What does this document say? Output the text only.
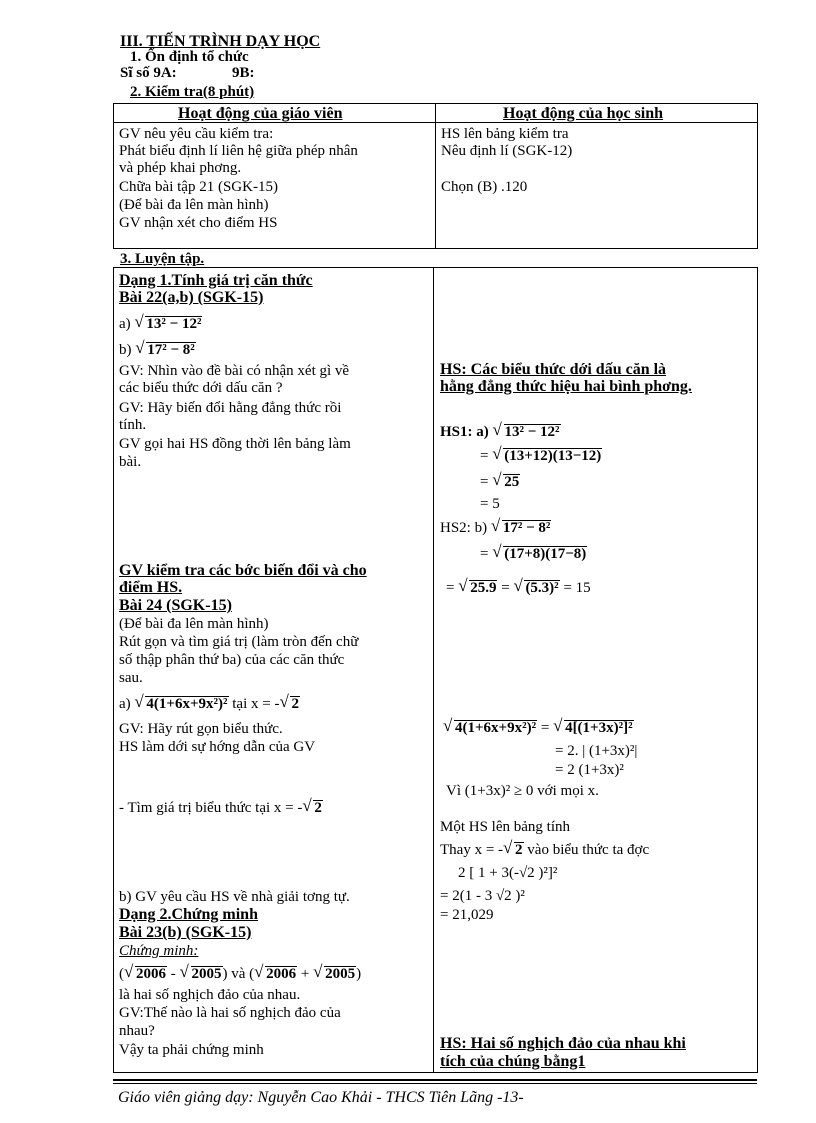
III. TIẾN TRÌNH DẠY HỌC
1. Ổn định tổ chức
Sĩ số 9A:	9B:
2. Kiểm tra(8 phút)
Hoạt động của giáo viên	Hoạt động của học sinh
GV nêu yêu cầu kiểm tra:
Phát biểu định lí liên hệ giữa phép nhân
và phép khai phơng.
Chữa bài tập 21 (SGK-15)
(Để bài đa lên màn hình)
GV nhận xét cho điểm HS
HS lên bảng kiểm tra
Nêu định lí (SGK-12)
Chọn (B) .120
3. Luyện tập.
Dạng 1.Tính giá trị căn thức
Bài 22(a,b) (SGK-15)
a) √ 13² − 12²
b) √ 17² − 8²
GV: Nhìn vào đề bài có nhận xét gì về
các biểu thức dới dấu căn ?
GV: Hãy biến đổi hằng đẳng thức rồi
tính.
GV gọi hai HS đồng thời lên bảng làm
bài.
GV kiểm tra các bớc biến đổi và cho
điểm HS.
Bài 24 (SGK-15)
(Để bài đa lên màn hình)
Rút gọn và tìm giá trị (làm tròn đến chữ
số thập phân thứ ba) của các căn thức
sau.
a) √ 4(1+6x+9x²)² tại x = - √ 2
GV: Hãy rút gọn biểu thức.
HS làm dới sự hớng dẫn của GV
- Tìm giá trị biểu thức tại x = - √ 2
b) GV yêu cầu HS về nhà giải tơng tự.
Dạng 2.Chứng minh
Bài 23(b) (SGK-15)
Chứng minh:
( √ 2006 - √ 2005) và ( √ 2006 + √ 2005)
là hai số nghịch đảo của nhau.
GV:Thế nào là hai số nghịch đảo của
nhau?
Vậy ta phải chứng minh
HS: Các biểu thức dới dấu căn là
hằng đẳng thức hiệu hai bình phơng.
HS1: a) √ 13² − 12²
= √ (13+12)(13−12)
= √ 25
= 5
HS2: b) √ 17² − 8²
= √ (17+8)(17−8)
= √ 25.9 = √ (5.3)² = 15
√ 4(1+6x+9x²)² = √ 4[(1+3x)²]²
= 2. | (1+3x)²|
= 2 (1+3x)²
Vì (1+3x)² ≥ 0 với mọi x.
Một HS lên bảng tính
Thay x = - √ 2 vào biểu thức ta đợc
2 [ 1 + 3(-√2 )²]²
= 2(1 - 3 √2 )²
= 21,029
HS: Hai số nghịch đảo của nhau khi
tích của chúng bằng1
Giáo viên giảng dạy: Nguyễn Cao Khải - THCS Tiên Lãng -13-
